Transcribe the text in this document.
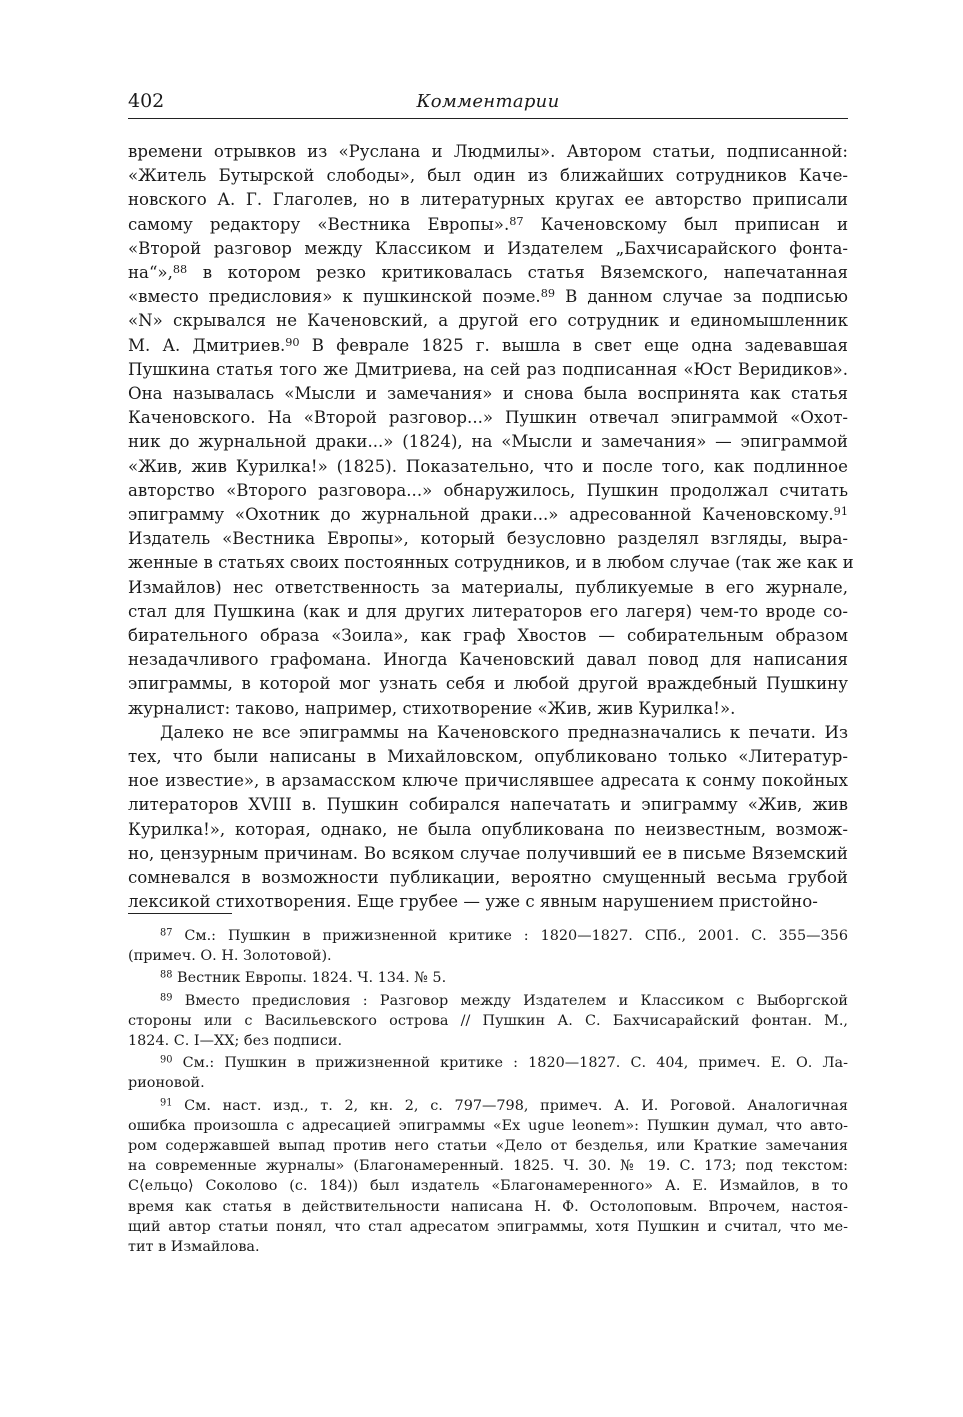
402	Комментарии
времени отрывков из «Руслана и Людмилы». Автором статьи, подписанной:
«Житель Бутырской слободы», был один из ближайших сотрудников Каче-
новского А. Г. Глаголев, но в литературных кругах ее авторство приписали
самому редактору «Вестника Европы».$^{87}$ Каченовскому был приписан и
«Второй разговор между Классиком и Издателем „Бахчисарайского фонта-
на“»,$^{88}$ в котором резко критиковалась статья Вяземского, напечатанная
«вместо предисловия» к пушкинской поэме.$^{89}$ В данном случае за подписью
«N» скрывался не Каченовский, а другой его сотрудник и единомышленник
М. А. Дмитриев.$^{90}$ В феврале 1825 г. вышла в свет еще одна задевавшая
Пушкина статья того же Дмитриева, на сей раз подписанная «Юст Веридиков».
Она называлась «Мысли и замечания» и снова была воспринята как статья
Каченовского. На «Второй разговор...» Пушкин отвечал эпиграммой «Охот-
ник до журнальной драки...» (1824), на «Мысли и замечания» — эпиграммой
«Жив, жив Курилка!» (1825). Показательно, что и после того, как подлинное
авторство «Второго разговора...» обнаружилось, Пушкин продолжал считать
эпиграмму «Охотник до журнальной драки...» адресованной Каченовскому.$^{91}$
Издатель «Вестника Европы», который безусловно разделял взгляды, выра-
женные в статьях своих постоянных сотрудников, и в любом случае (так же как и
Измайлов) нес ответственность за материалы, публикуемые в его журнале,
стал для Пушкина (как и для других литераторов его лагеря) чем-то вроде со-
бирательного образа «Зоила», как граф Хвостов — собирательным образом
незадачливого графомана. Иногда Каченовский давал повод для написания
эпиграммы, в которой мог узнать себя и любой другой враждебный Пушкину
журналист: таково, например, стихотворение «Жив, жив Курилка!».
Далеко не все эпиграммы на Каченовского предназначались к печати. Из
тех, что были написаны в Михайловском, опубликовано только «Литератур-
ное известие», в арзамасском ключе причислявшее адресата к сонму покойных
литераторов XVIII в. Пушкин собирался напечатать и эпиграмму «Жив, жив
Курилка!», которая, однако, не была опубликована по неизвестным, возмож-
но, цензурным причинам. Во всяком случае получивший ее в письме Вяземский
сомневался в возможности публикации, вероятно смущенный весьма грубой
лексикой стихотворения. Еще грубее — уже с явным нарушением пристойно-
$^{87}$ См.: Пушкин в прижизненной критике : 1820—1827. СПб., 2001. С. 355—356
(примеч. О. Н. Золотовой).
$^{88}$ Вестник Европы. 1824. Ч. 134. № 5.
$^{89}$ Вместо предисловия : Разговор между Издателем и Классиком с Выборгской
стороны или с Васильевского острова // Пушкин А. С. Бахчисарайский фонтан. М.,
1824. С. I—XX; без подписи.
$^{90}$ См.: Пушкин в прижизненной критике : 1820—1827. С. 404, примеч. Е. О. Ла-
рионовой.
$^{91}$ См. наст. изд., т. 2, кн. 2, с. 797—798, примеч. А. И. Роговой. Аналогичная
ошибка произошла с адресацией эпиграммы «Ex ugue leonem»: Пушкин думал, что авто-
ром содержавшей выпад против него статьи «Дело от безделья, или Краткие замечания
на современные журналы» (Благонамеренный. 1825. Ч. 30. № 19. С. 173; под текстом:
С⟨ельцо⟩ Соколово (с. 184)) был издатель «Благонамеренного» А. Е. Измайлов, в то
время как статья в действительности написана Н. Ф. Остолоповым. Впрочем, настоя-
щий автор статьи понял, что стал адресатом эпиграммы, хотя Пушкин и считал, что ме-
тит в Измайлова.
